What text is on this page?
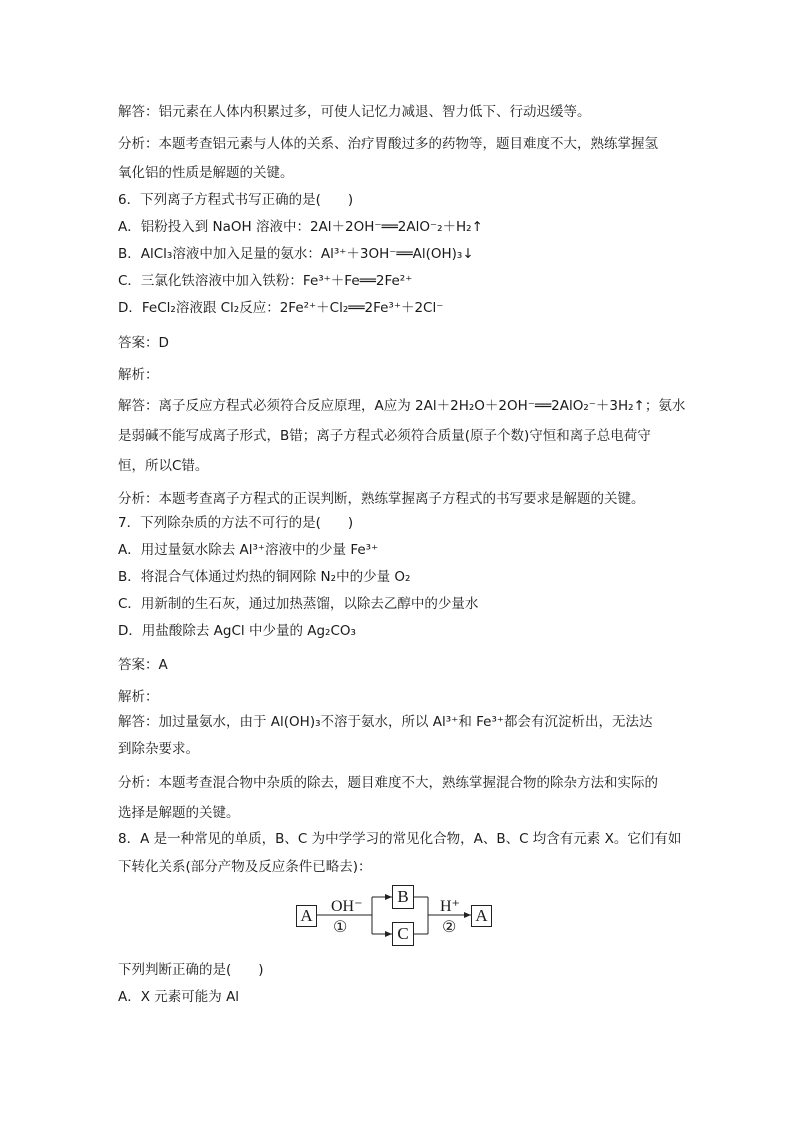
解答：铝元素在人体内积累过多，可使人记忆力减退、智力低下、行动迟缓等。
分析：本题考查铝元素与人体的关系、治疗胃酸过多的药物等，题目难度不大，熟练掌握氢
氧化铝的性质是解题的关键。
6．下列离子方程式书写正确的是(　　)
A．铝粉投入到 NaOH 溶液中：2Al＋2OH⁻══2AlO⁻₂＋H₂↑
B．AlCl₃溶液中加入足量的氨水：Al³⁺＋3OH⁻══Al(OH)₃↓
C．三氯化铁溶液中加入铁粉：Fe³⁺＋Fe══2Fe²⁺
D．FeCl₂溶液跟 Cl₂反应：2Fe²⁺＋Cl₂══2Fe³⁺＋2Cl⁻
答案：D
解析：
解答：离子反应方程式必须符合反应原理，A应为 2Al＋2H₂O＋2OH⁻══2AlO₂⁻＋3H₂↑；氨水
是弱碱不能写成离子形式，B错；离子方程式必须符合质量(原子个数)守恒和离子总电荷守
恒，所以C错。
分析：本题考查离子方程式的正误判断，熟练掌握离子方程式的书写要求是解题的关键。
7．下列除杂质的方法不可行的是(　　)
A．用过量氨水除去 Al³⁺溶液中的少量 Fe³⁺
B．将混合气体通过灼热的铜网除 N₂中的少量 O₂
C．用新制的生石灰，通过加热蒸馏，以除去乙醇中的少量水
D．用盐酸除去 AgCl 中少量的 Ag₂CO₃
答案：A
解析：
解答：加过量氨水，由于 Al(OH)₃不溶于氨水，所以 Al³⁺和 Fe³⁺都会有沉淀析出，无法达
到除杂要求。
分析：本题考查混合物中杂质的除去，题目难度不大，熟练掌握混合物的除杂方法和实际的
选择是解题的关键。
8．A 是一种常见的单质，B、C 为中学学习的常见化合物，A、B、C 均含有元素 X。它们有如
下转化关系(部分产物及反应条件已略去)：
A
B
C
A
OH⁻
①
H⁺
②
下列判断正确的是(　　)
A．X 元素可能为 Al
